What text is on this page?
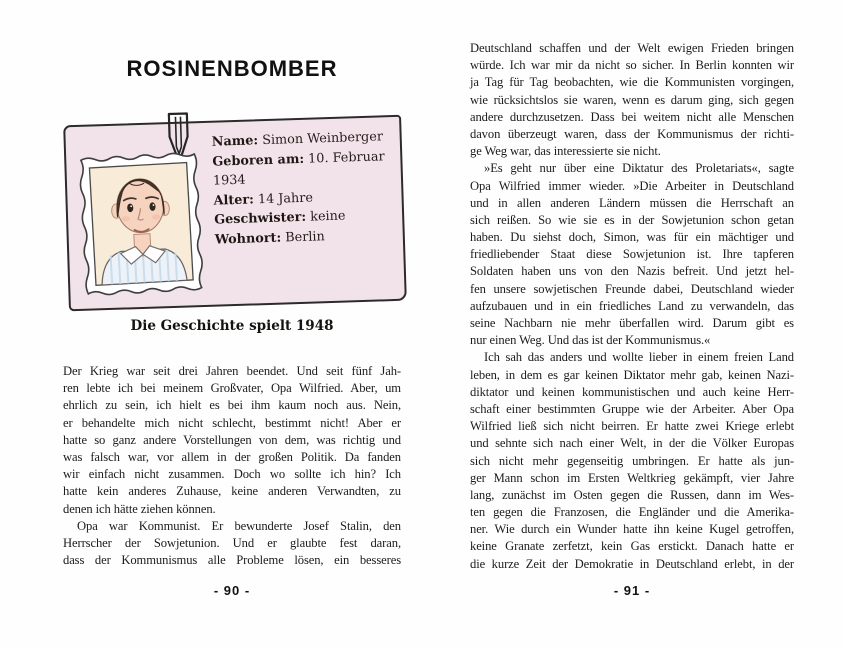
ROSINENBOMBER
Name: Simon Weinberger
Geboren am: 10. Februar 1934
Alter: 14 Jahre
Geschwister: keine
Wohnort: Berlin
Die Geschichte spielt 1948
Der Krieg war seit drei Jahren beendet. Und seit fünf Jah-
ren lebte ich bei meinem Großvater, Opa Wilfried. Aber, um
ehrlich zu sein, ich hielt es bei ihm kaum noch aus. Nein,
er behandelte mich nicht schlecht, bestimmt nicht! Aber er
hatte so ganz andere Vorstellungen von dem, was richtig und
was falsch war, vor allem in der großen Politik. Da fanden
wir einfach nicht zusammen. Doch wo sollte ich hin? Ich
hatte kein anderes Zuhause, keine anderen Verwandten, zu
denen ich hätte ziehen können.
Opa war Kommunist. Er bewunderte Josef Stalin, den
Herrscher der Sowjetunion. Und er glaubte fest daran,
dass der Kommunismus alle Probleme lösen, ein besseres
- 90 -
Deutschland schaffen und der Welt ewigen Frieden bringen
würde. Ich war mir da nicht so sicher. In Berlin konnten wir
ja Tag für Tag beobachten, wie die Kommunisten vorgingen,
wie rücksichtslos sie waren, wenn es darum ging, sich gegen
andere durchzusetzen. Dass bei weitem nicht alle Menschen
davon überzeugt waren, dass der Kommunismus der richti-
ge Weg war, das interessierte sie nicht.
»Es geht nur über eine Diktatur des Proletariats«, sagte
Opa Wilfried immer wieder. »Die Arbeiter in Deutschland
und in allen anderen Ländern müssen die Herrschaft an
sich reißen. So wie sie es in der Sowjetunion schon getan
haben. Du siehst doch, Simon, was für ein mächtiger und
friedliebender Staat diese Sowjetunion ist. Ihre tapferen
Soldaten haben uns von den Nazis befreit. Und jetzt hel-
fen unsere sowjetischen Freunde dabei, Deutschland wieder
aufzubauen und in ein friedliches Land zu verwandeln, das
seine Nachbarn nie mehr überfallen wird. Darum gibt es
nur einen Weg. Und das ist der Kommunismus.«
Ich sah das anders und wollte lieber in einem freien Land
leben, in dem es gar keinen Diktator mehr gab, keinen Nazi-
diktator und keinen kommunistischen und auch keine Herr-
schaft einer bestimmten Gruppe wie der Arbeiter. Aber Opa
Wilfried ließ sich nicht beirren. Er hatte zwei Kriege erlebt
und sehnte sich nach einer Welt, in der die Völker Europas
sich nicht mehr gegenseitig umbringen. Er hatte als jun-
ger Mann schon im Ersten Weltkrieg gekämpft, vier Jahre
lang, zunächst im Osten gegen die Russen, dann im Wes-
ten gegen die Franzosen, die Engländer und die Amerika-
ner. Wie durch ein Wunder hatte ihn keine Kugel getroffen,
keine Granate zerfetzt, kein Gas erstickt. Danach hatte er
die kurze Zeit der Demokratie in Deutschland erlebt, in der
- 91 -
